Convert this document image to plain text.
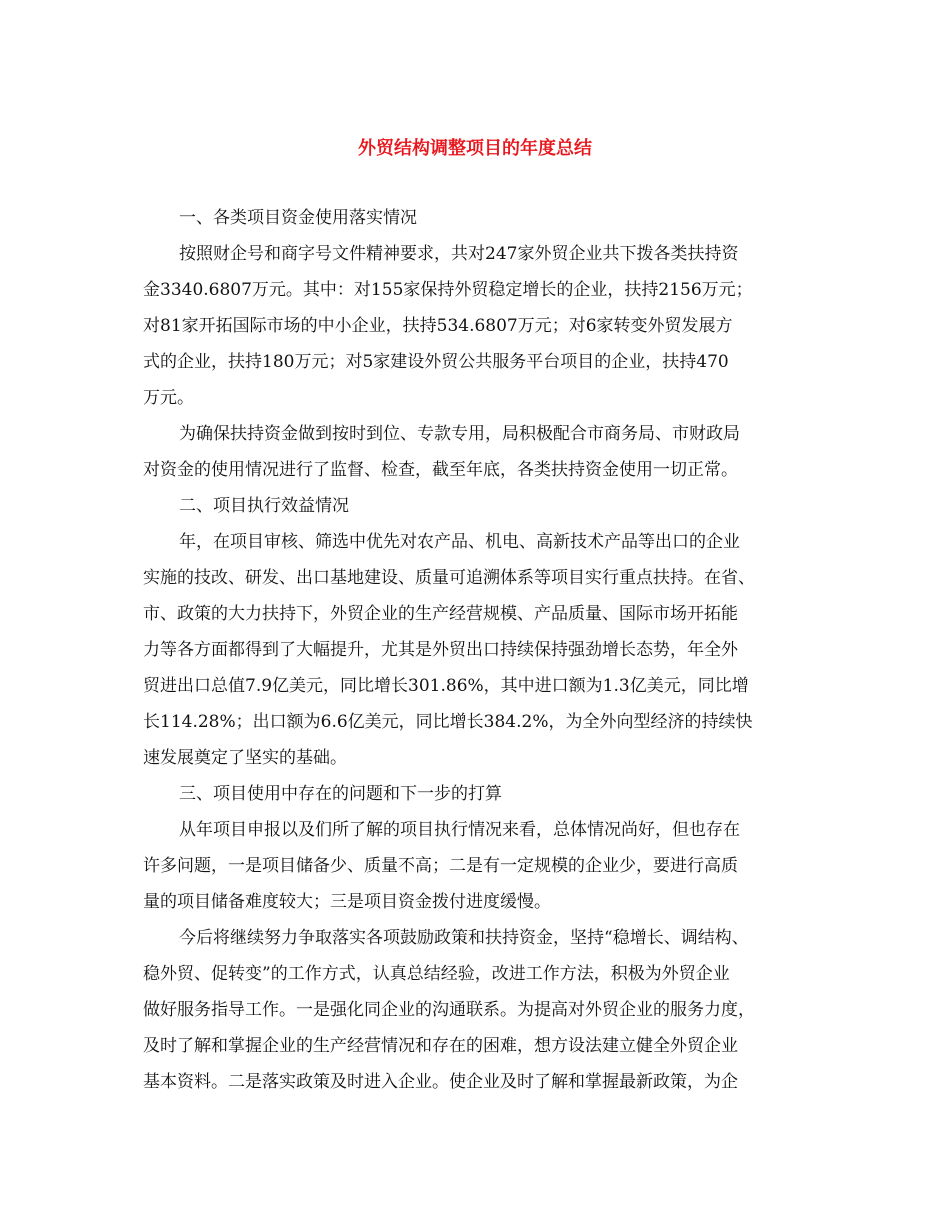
外贸结构调整项目的年度总结

一、各类项目资金使用落实情况

按照财企号和商字号文件精神要求，共对247家外贸企业共下拨各类扶持资
金3340.6807万元。其中：对155家保持外贸稳定增长的企业，扶持2156万元；
对81家开拓国际市场的中小企业，扶持534.6807万元；对6家转变外贸发展方
式的企业，扶持180万元；对5家建设外贸公共服务平台项目的企业，扶持470
万元。

为确保扶持资金做到按时到位、专款专用，局积极配合市商务局、市财政局
对资金的使用情况进行了监督、检查，截至年底，各类扶持资金使用一切正常。

二、项目执行效益情况

年，在项目审核、筛选中优先对农产品、机电、高新技术产品等出口的企业
实施的技改、研发、出口基地建设、质量可追溯体系等项目实行重点扶持。在省、
市、政策的大力扶持下，外贸企业的生产经营规模、产品质量、国际市场开拓能
力等各方面都得到了大幅提升，尤其是外贸出口持续保持强劲增长态势，年全外
贸进出口总值7.9亿美元，同比增长301.86%，其中进口额为1.3亿美元，同比增
长114.28%；出口额为6.6亿美元，同比增长384.2%，为全外向型经济的持续快
速发展奠定了坚实的基础。

三、项目使用中存在的问题和下一步的打算

从年项目申报以及们所了解的项目执行情况来看，总体情况尚好，但也存在
许多问题，一是项目储备少、质量不高；二是有一定规模的企业少，要进行高质
量的项目储备难度较大；三是项目资金拨付进度缓慢。

今后将继续努力争取落实各项鼓励政策和扶持资金，坚持“稳增长、调结构、
稳外贸、促转变”的工作方式，认真总结经验，改进工作方法，积极为外贸企业
做好服务指导工作。一是强化同企业的沟通联系。为提高对外贸企业的服务力度，
及时了解和掌握企业的生产经营情况和存在的困难，想方设法建立健全外贸企业
基本资料。二是落实政策及时进入企业。使企业及时了解和掌握最新政策，为企
